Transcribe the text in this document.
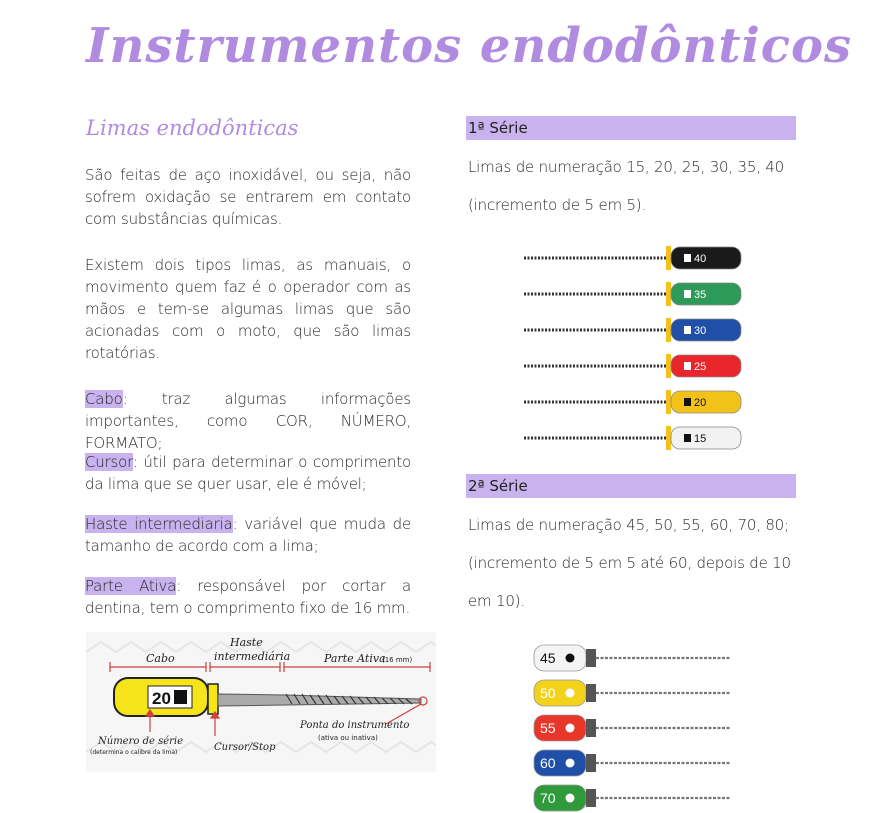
Instrumentos endodônticos
Limas endodônticas

São feitas de aço inoxidável, ou seja, não sofrem oxidação se entrarem em contato com substâncias químicas.

Existem dois tipos limas, as manuais, o movimento quem faz é o operador com as mãos e tem-se algumas limas que são acionadas com o moto, que são limas rotatórias.

Cabo: traz algumas informações importantes, como COR, NÚMERO, FORMATO;

Cursor: útil para determinar o comprimento da lima que se quer usar, ele é móvel;

Haste intermediaria: variável que muda de tamanho de acordo com a lima;

Parte Ativa: responsável por cortar a dentina, tem o comprimento fixo de 16 mm.

Cabo
Haste
intermediária	Parte Ativa
(16 mm)
20
Número de série
(determina o calibre da lima)	Cursor/Stop
Ponta do instrumento
(ativa ou inativa)
1ª Série
Limas de numeração 15, 20, 25, 30, 35, 40
(incremento de 5 em 5).
40
35
30
25
20
15
2ª Série
Limas de numeração 45, 50, 55, 60, 70, 80;
(incremento de 5 em 5 até 60, depois de 10
em 10).
45
50
55
60
70
